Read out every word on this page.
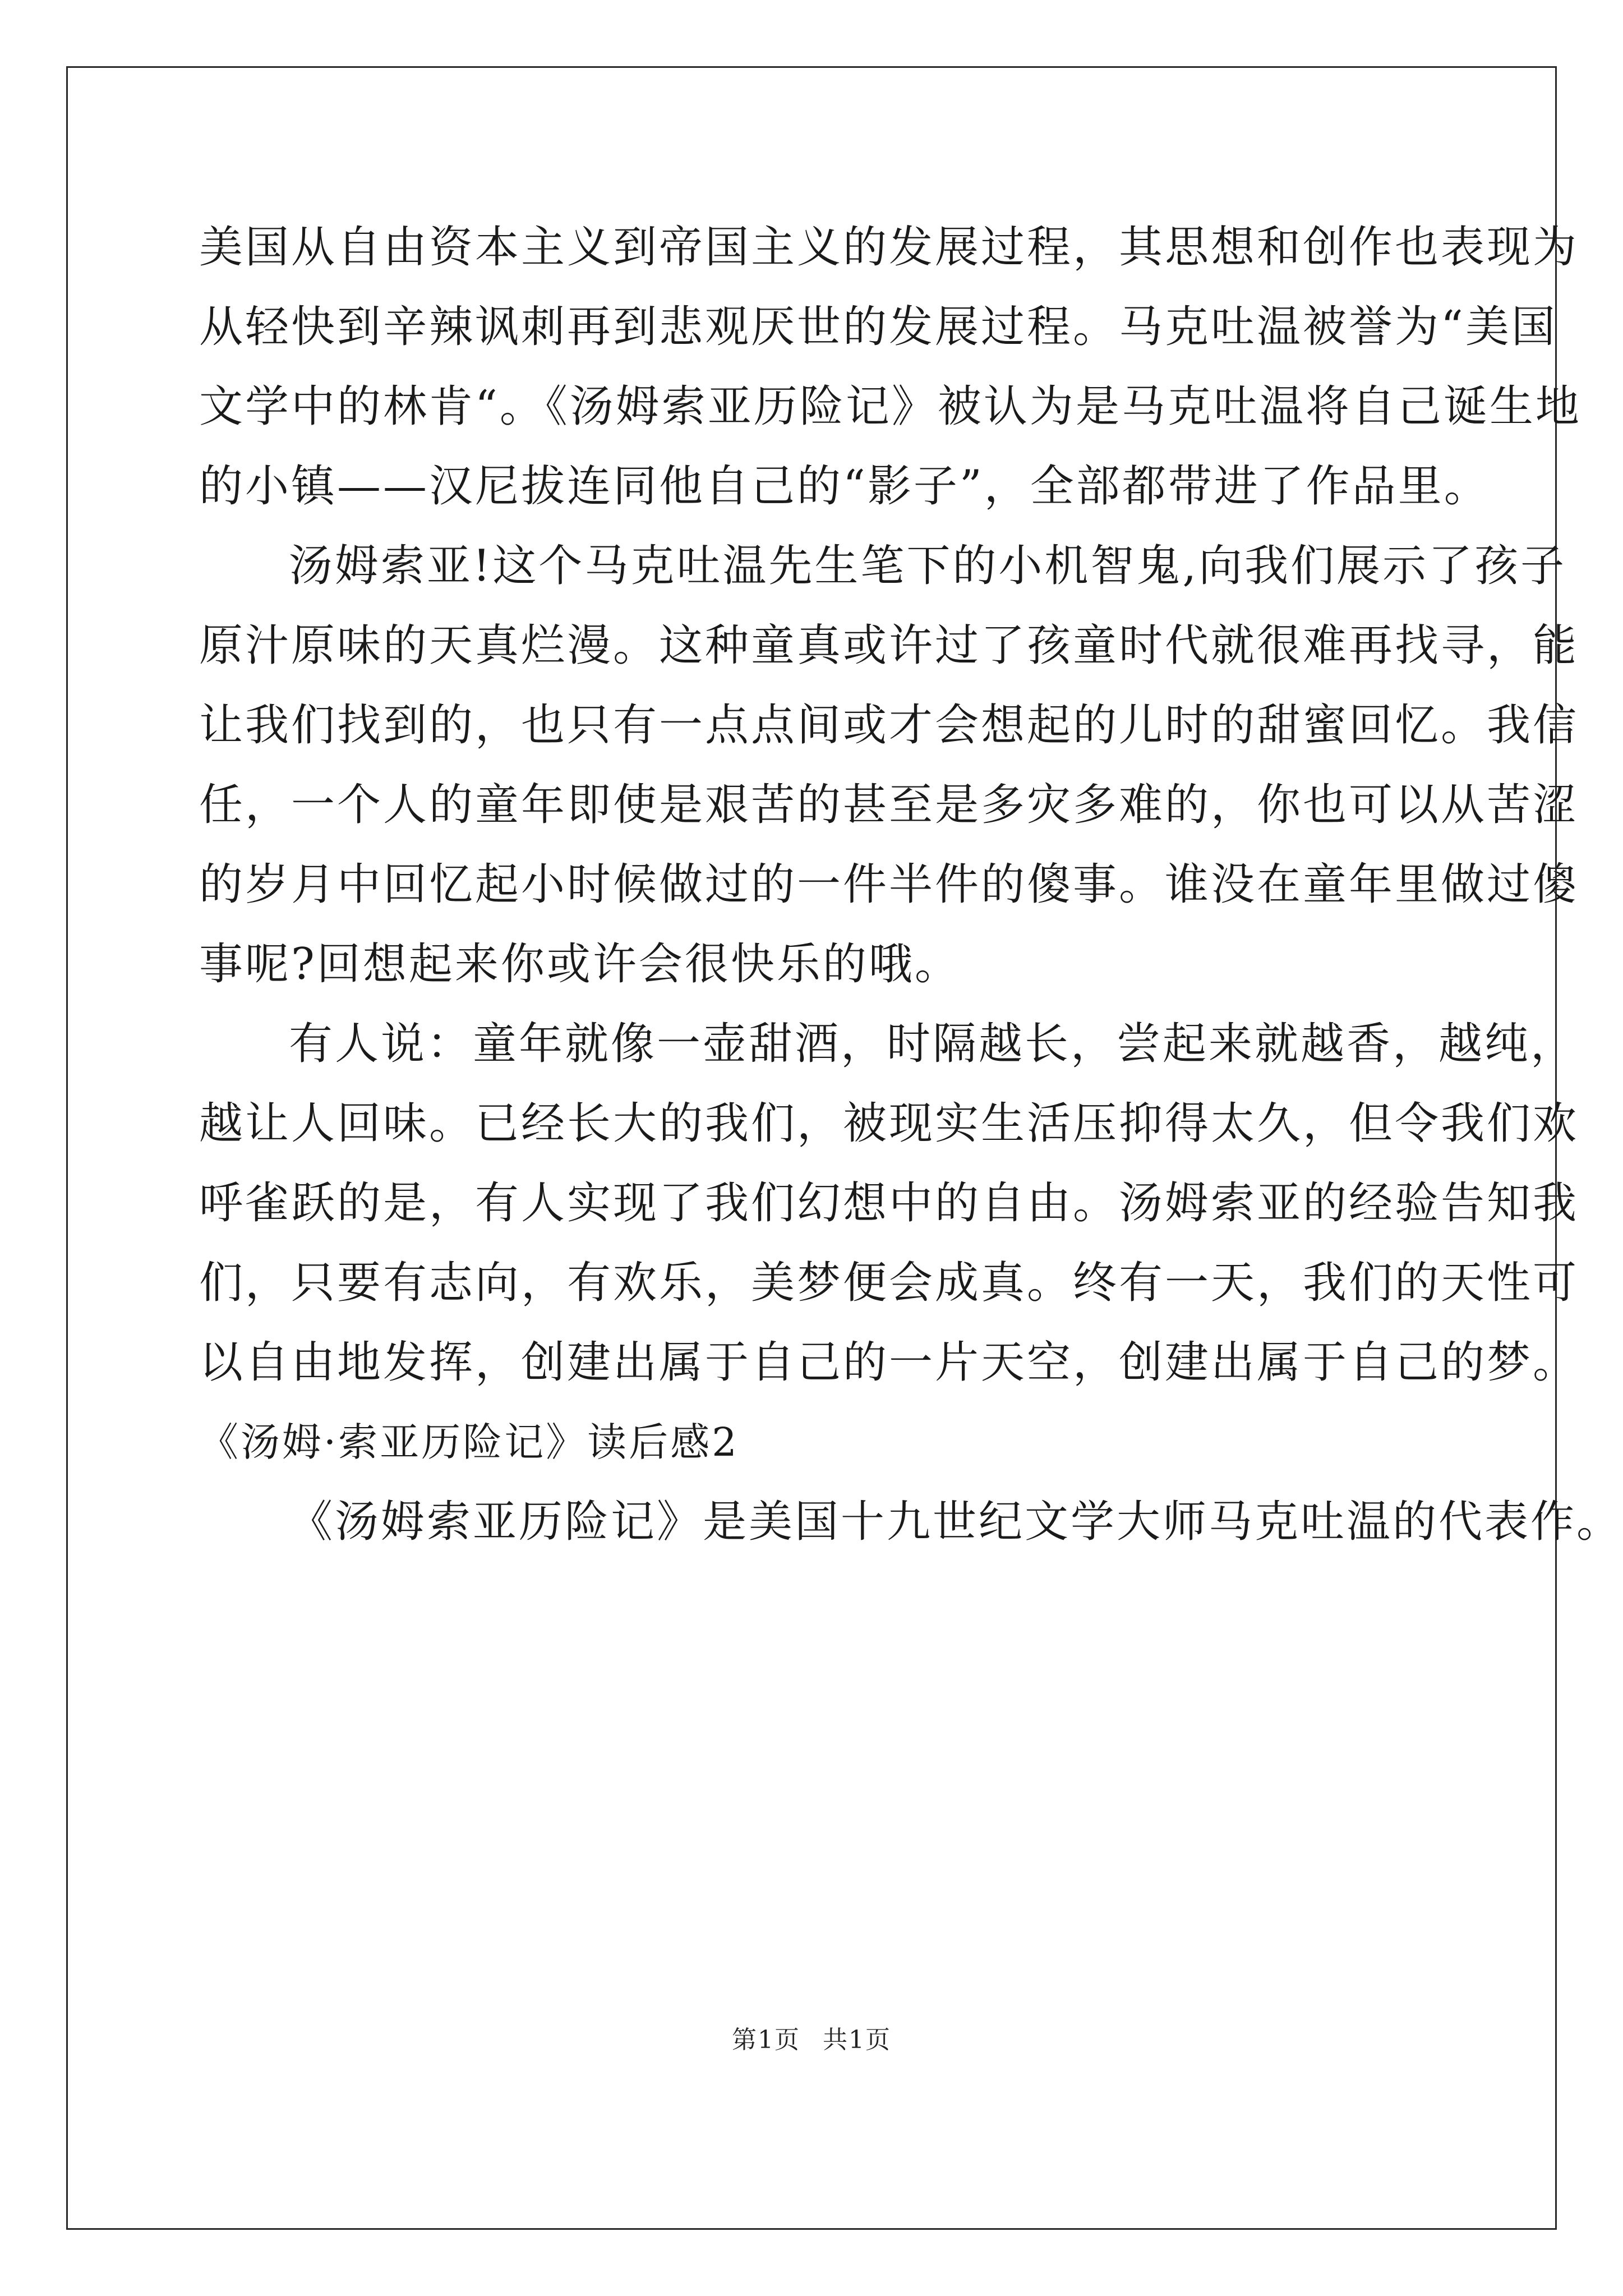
美国从自由资本主义到帝国主义的发展过程，其思想和创作也表现为
从轻快到辛辣讽刺再到悲观厌世的发展过程。马克吐温被誉为“美国
文学中的林肯“。《汤姆索亚历险记》被认为是马克吐温将自己诞生地
的小镇——汉尼拔连同他自己的“影子”，全部都带进了作品里。
汤姆索亚!这个马克吐温先生笔下的小机智鬼,向我们展示了孩子
原汁原味的天真烂漫。这种童真或许过了孩童时代就很难再找寻，能
让我们找到的，也只有一点点间或才会想起的儿时的甜蜜回忆。我信
任，一个人的童年即使是艰苦的甚至是多灾多难的，你也可以从苦涩
的岁月中回忆起小时候做过的一件半件的傻事。谁没在童年里做过傻
事呢?回想起来你或许会很快乐的哦。
有人说：童年就像一壶甜酒，时隔越长，尝起来就越香，越纯，
越让人回味。已经长大的我们，被现实生活压抑得太久，但令我们欢
呼雀跃的是，有人实现了我们幻想中的自由。汤姆索亚的经验告知我
们，只要有志向，有欢乐，美梦便会成真。终有一天，我们的天性可
以自由地发挥，创建出属于自己的一片天空，创建出属于自己的梦。
《汤姆·索亚历险记》读后感2
《汤姆索亚历险记》是美国十九世纪文学大师马克吐温的代表作。
第1页 共1页
